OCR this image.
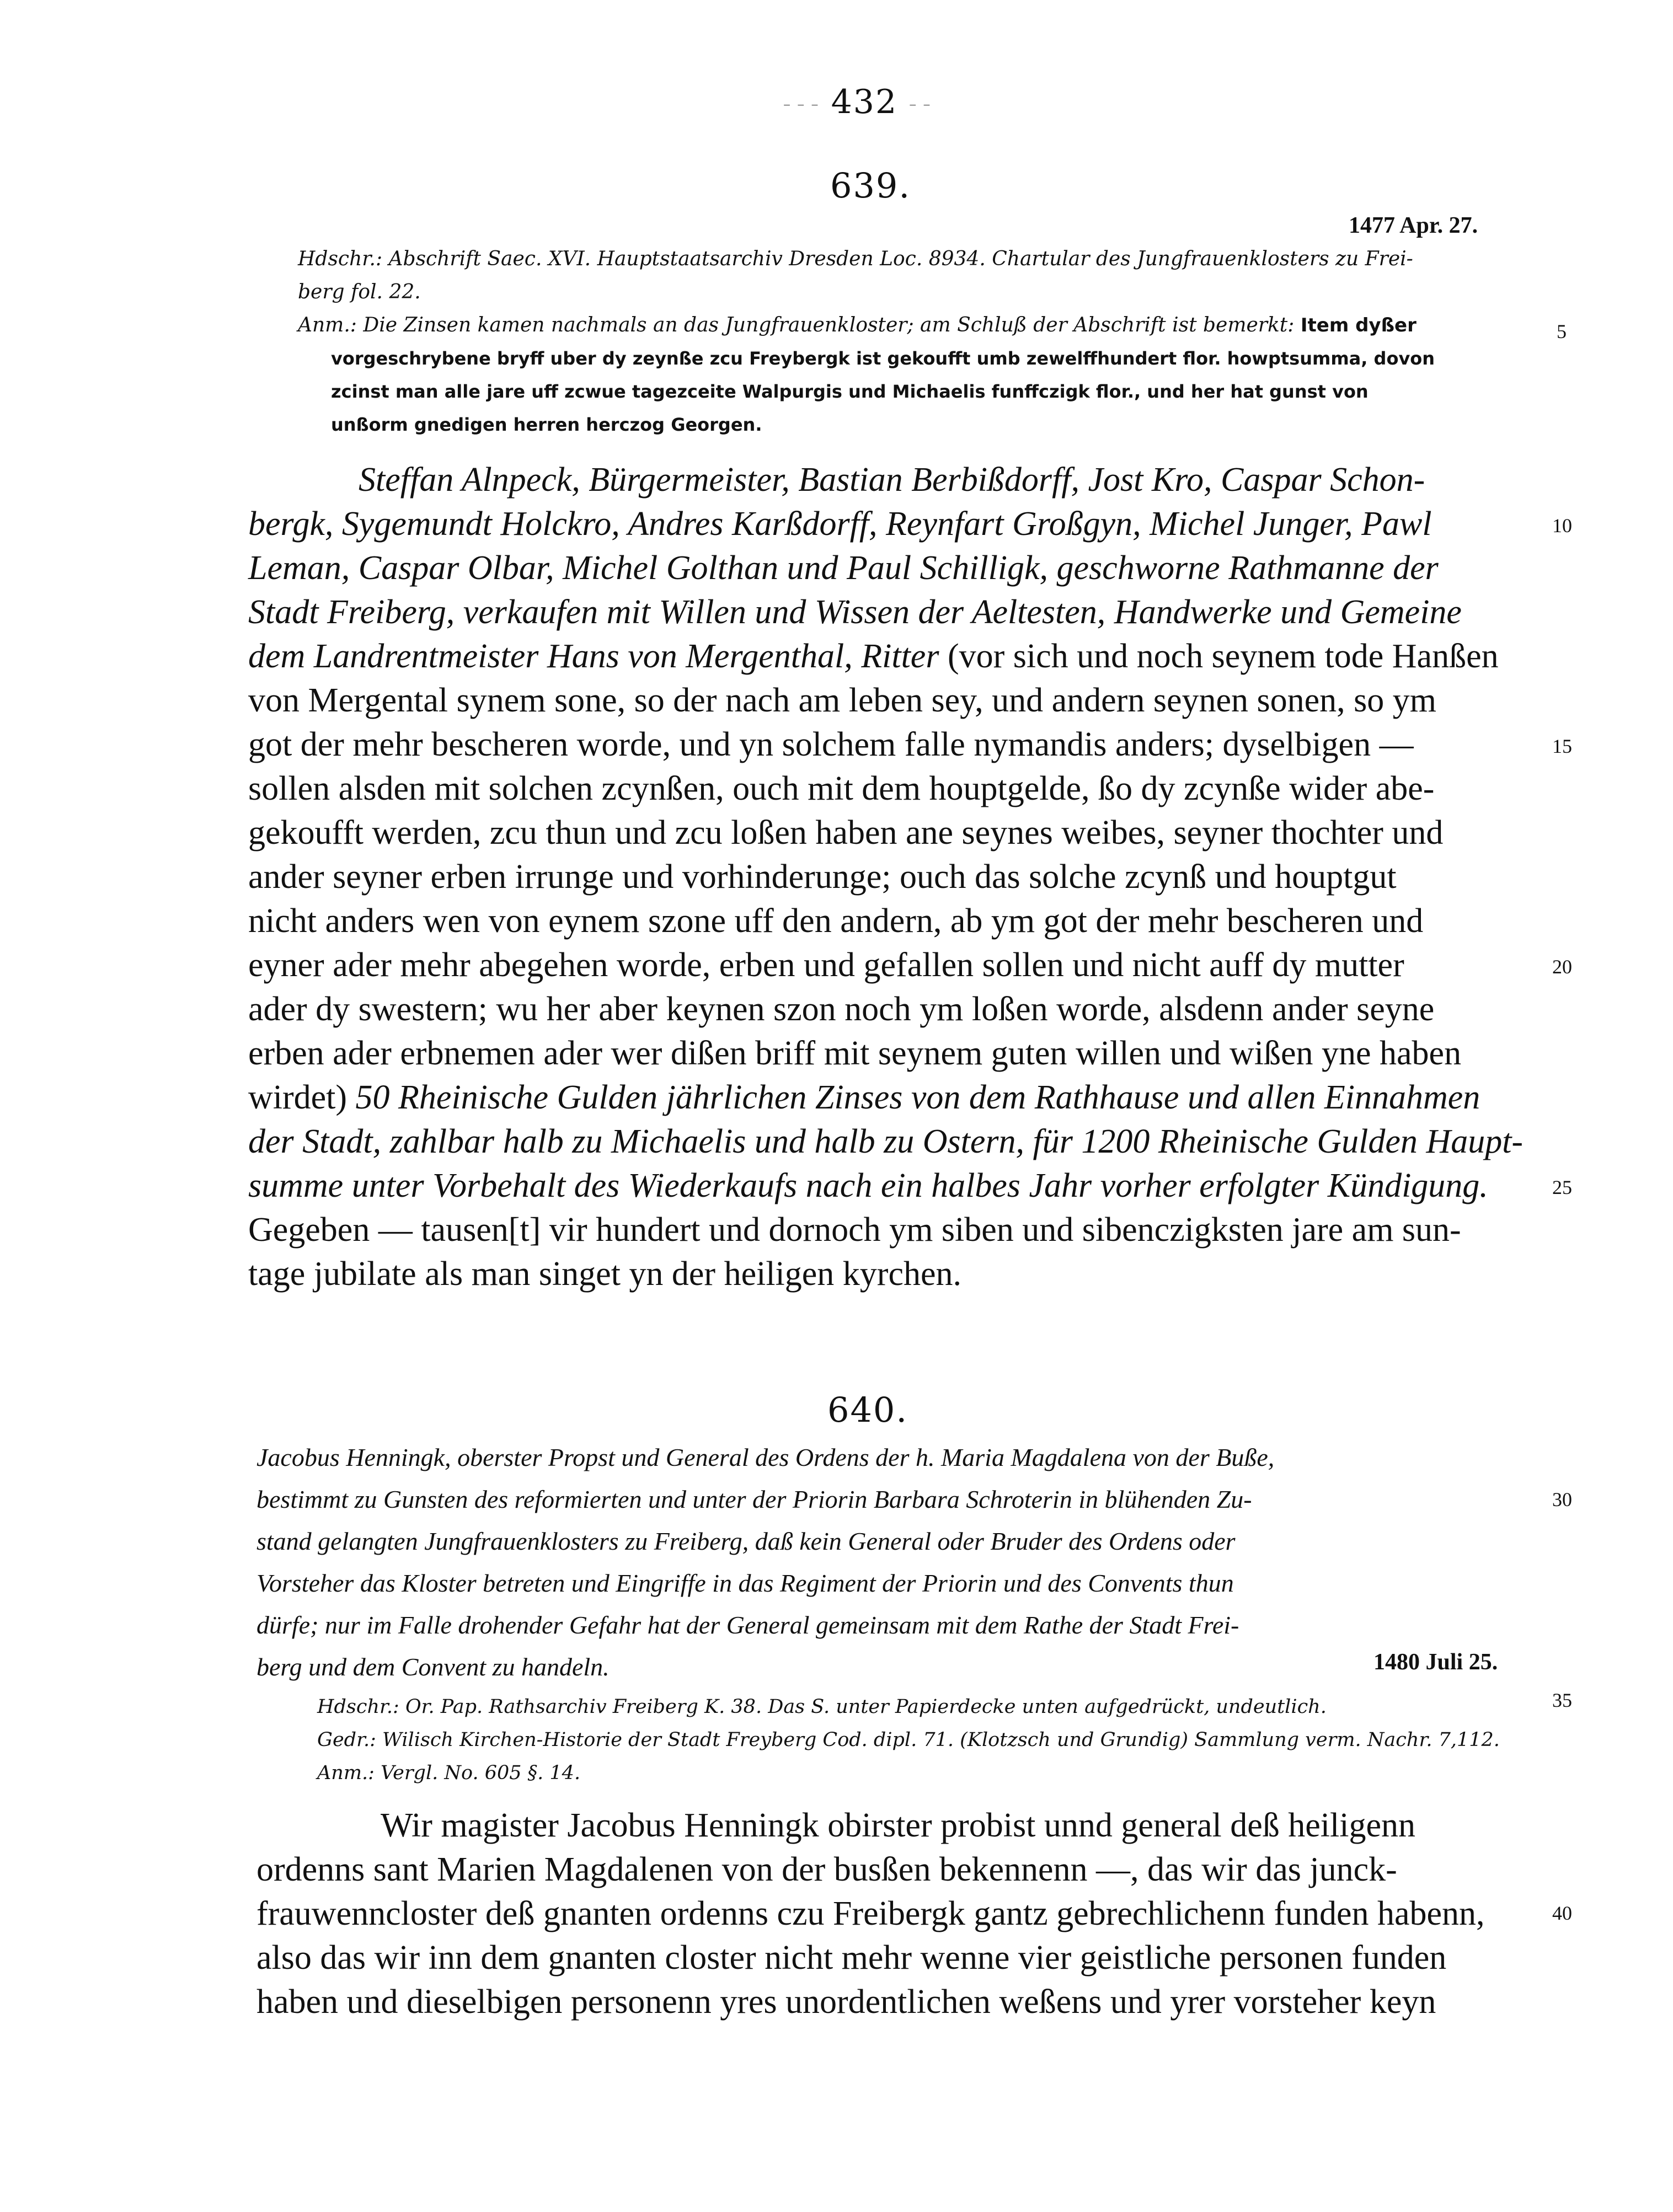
– – – 432 – –
639.
1477 Apr. 27.
Hdschr.: Abschrift Saec. XVI. Hauptstaatsarchiv Dresden Loc. 8934. Chartular des Jungfrauenklosters zu Frei-
berg fol. 22.
Anm.: Die Zinsen kamen nachmals an das Jungfrauenkloster; am Schluß der Abschrift ist bemerkt: Item dyßer
vorgeschrybene bryff uber dy zeynße zcu Freybergk ist gekoufft umb zewelffhundert flor. howptsumma, dovon
zcinst man alle jare uff zcwue tagezceite Walpurgis und Michaelis funffczigk flor., und her hat gunst von
unßorm gnedigen herren herczog Georgen.
Steffan Alnpeck, Bürgermeister, Bastian Berbißdorff, Jost Kro, Caspar Schon-
bergk, Sygemundt Holckro, Andres Karßdorff, Reynfart Großgyn, Michel Junger, Pawl
Leman, Caspar Olbar, Michel Golthan und Paul Schilligk, geschworne Rathmanne der
Stadt Freiberg, verkaufen mit Willen und Wissen der Aeltesten, Handwerke und Gemeine
dem Landrentmeister Hans von Mergenthal, Ritter (vor sich und noch seynem tode Hanßen
von Mergental synem sone, so der nach am leben sey, und andern seynen sonen, so ym
got der mehr bescheren worde, und yn solchem falle nymandis anders; dyselbigen —
sollen alsden mit solchen zcynßen, ouch mit dem houptgelde, ßo dy zcynße wider abe-
gekoufft werden, zcu thun und zcu loßen haben ane seynes weibes, seyner thochter und
ander seyner erben irrunge und vorhinderunge; ouch das solche zcynß und houptgut
nicht anders wen von eynem szone uff den andern, ab ym got der mehr bescheren und
eyner ader mehr abegehen worde, erben und gefallen sollen und nicht auff dy mutter
ader dy swestern; wu her aber keynen szon noch ym loßen worde, alsdenn ander seyne
erben ader erbnemen ader wer dißen briff mit seynem guten willen und wißen yne haben
wirdet) 50 Rheinische Gulden jährlichen Zinses von dem Rathhause und allen Einnahmen
der Stadt, zahlbar halb zu Michaelis und halb zu Ostern, für 1200 Rheinische Gulden Haupt-
summe unter Vorbehalt des Wiederkaufs nach ein halbes Jahr vorher erfolgter Kündigung.
Gegeben — tausen[t] vir hundert und dornoch ym siben und sibenczigksten jare am sun-
tage jubilate als man singet yn der heiligen kyrchen.
640.
Jacobus Henningk, oberster Propst und General des Ordens der h. Maria Magdalena von der Buße,
bestimmt zu Gunsten des reformierten und unter der Priorin Barbara Schroterin in blühenden Zu-
stand gelangten Jungfrauenklosters zu Freiberg, daß kein General oder Bruder des Ordens oder
Vorsteher das Kloster betreten und Eingriffe in das Regiment der Priorin und des Convents thun
dürfe; nur im Falle drohender Gefahr hat der General gemeinsam mit dem Rathe der Stadt Frei-
berg und dem Convent zu handeln.	1480 Juli 25.
Hdschr.: Or. Pap. Rathsarchiv Freiberg K. 38. Das S. unter Papierdecke unten aufgedrückt, undeutlich.
Gedr.: Wilisch Kirchen-Historie der Stadt Freyberg Cod. dipl. 71. (Klotzsch und Grundig) Sammlung verm. Nachr. 7,112.
Anm.: Vergl. No. 605 §. 14.
Wir magister Jacobus Henningk obirster probist unnd general deß heiligenn
ordenns sant Marien Magdalenen von der busßen bekennenn —, das wir das junck-
frauwenncloster deß gnanten ordenns czu Freibergk gantz gebrechlichenn funden habenn,
also das wir inn dem gnanten closter nicht mehr wenne vier geistliche personen funden
haben und dieselbigen personenn yres unordentlichen weßens und yrer vorsteher keyn
5
10
15
20
25
30
35
40
